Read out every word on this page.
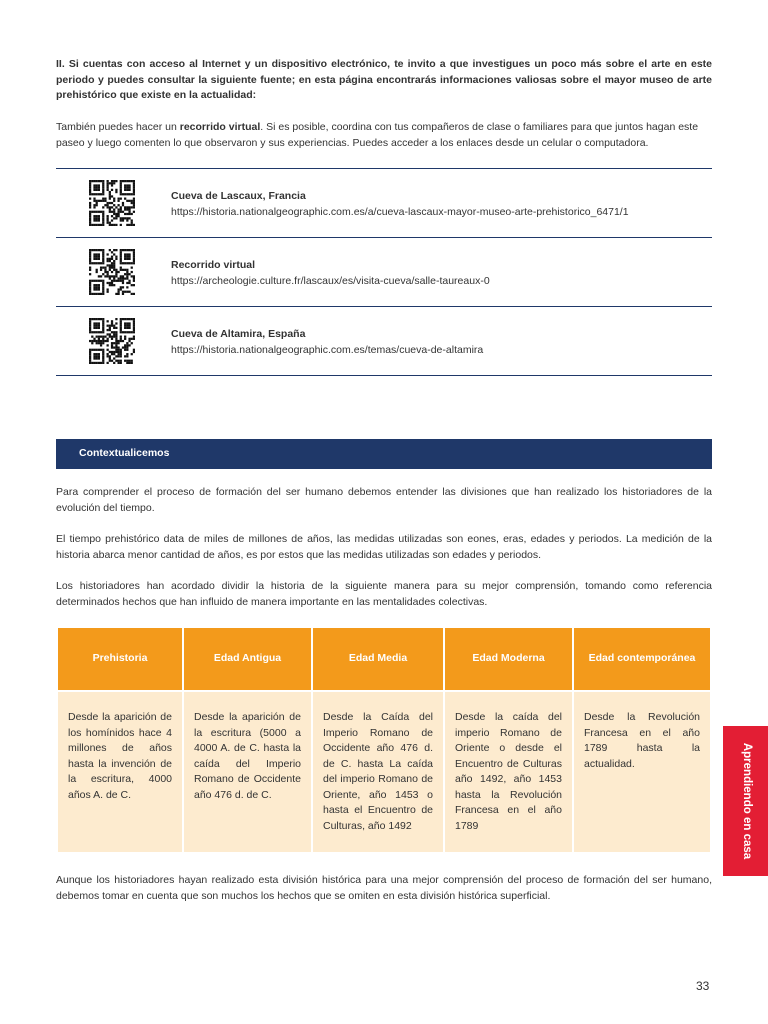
II. Si cuentas con acceso al Internet y un dispositivo electrónico, te invito a que investigues un poco más sobre el arte en este periodo y puedes consultar la siguiente fuente; en esta página encontrarás informaciones valiosas sobre el mayor museo de arte prehistórico que existe en la actualidad:

También puedes hacer un recorrido virtual. Si es posible, coordina con tus compañeros de clase o familiares para que juntos hagan este paseo y luego comenten lo que observaron y sus experiencias. Puedes acceder a los enlaces desde un celular o computadora.

Cueva de Lascaux, Francia
https://historia.nationalgeographic.com.es/a/cueva-lascaux-mayor-museo-arte-prehistorico_6471/1
Recorrido virtual
https://archeologie.culture.fr/lascaux/es/visita-cueva/salle-taureaux-0
Cueva de Altamira, España
https://historia.nationalgeographic.com.es/temas/cueva-de-altamira
Contextualicemos

Para comprender el proceso de formación del ser humano debemos entender las divisiones que han realizado los historiadores de la evolución del tiempo.

El tiempo prehistórico data de miles de millones de años, las medidas utilizadas son eones, eras, edades y periodos. La medición de la historia abarca menor cantidad de años, es por estos que las medidas utilizadas son edades y periodos.

Los historiadores han acordado dividir la historia de la siguiente manera para su mejor comprensión, tomando como referencia determinados hechos que han influido de manera importante en las mentalidades colectivas.

Prehistoria
Desde la aparición de los homínidos hace 4 millones de años hasta la invención de la escritura, 4000 años A. de C.
Edad Antigua
Desde la aparición de la escritura (5000 a 4000 A. de C. hasta la caída del Imperio Romano de Occidente año 476 d. de C.
Edad Media
Desde la Caída del Imperio Romano de Occidente año 476 d. de C. hasta La caída del imperio Romano de Oriente, año 1453 o hasta el Encuentro de Culturas, año 1492
Edad Moderna
Desde la caída del imperio Romano de Oriente o desde el Encuentro de Culturas año 1492, año 1453 hasta la Revolución Francesa en el año 1789
Edad contemporánea
Desde la Revolución Francesa en el año 1789 hasta la actualidad.

Aunque los historiadores hayan realizado esta división histórica para una mejor comprensión del proceso de formación del ser humano, debemos tomar en cuenta que son muchos los hechos que se omiten en esta división histórica superficial.

Aprendiendo en casa
33
